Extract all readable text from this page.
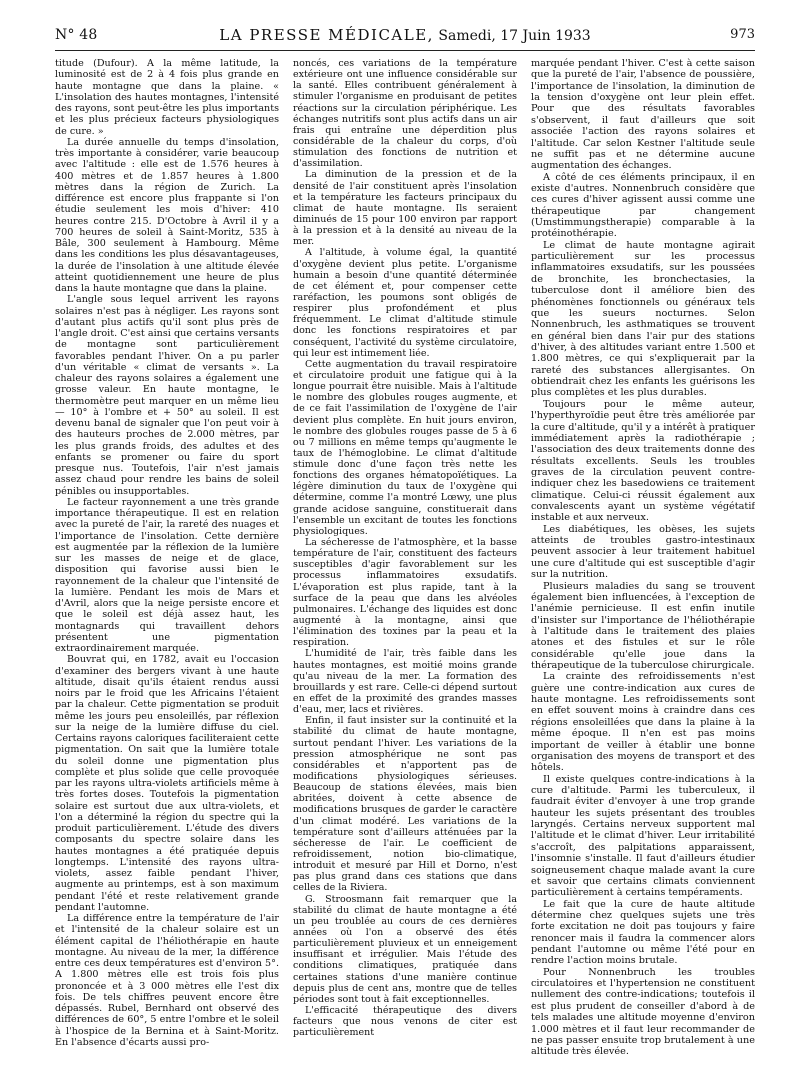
N° 48	LA PRESSE MÉDICALE, Samedi, 17 Juin 1933	973

titude (Dufour). A la même latitude, la luminosité est de 2 à 4 fois plus grande en haute montagne que dans la plaine. « L'insolation des hautes montagnes, l'intensité des rayons, sont peut-être les plus importants et les plus précieux facteurs physiologiques de cure. »

La durée annuelle du temps d'insolation, très importante à considérer, varie beaucoup avec l'altitude : elle est de 1.576 heures à 400 mètres et de 1.857 heures à 1.800 mètres dans la région de Zurich. La différence est encore plus frappante si l'on étudie seulement les mois d'hiver: 410 heures contre 215. D'Octobre à Avril il y a 700 heures de soleil à Saint-Moritz, 535 à Bâle, 300 seulement à Hambourg. Même dans les conditions les plus désavantageuses, la durée de l'insolation à une altitude élevée atteint quotidiennement une heure de plus dans la haute montagne que dans la plaine.

L'angle sous lequel arrivent les rayons solaires n'est pas à négliger. Les rayons sont d'autant plus actifs qu'il sont plus près de l'angle droit. C'est ainsi que certains versants de montagne sont particulièrement favorables pendant l'hiver. On a pu parler d'un véritable « climat de versants ». La chaleur des rayons solaires a également une grosse valeur. En haute montagne, le thermomètre peut marquer en un même lieu — 10° à l'ombre et + 50° au soleil. Il est devenu banal de signaler que l'on peut voir à des hauteurs proches de 2.000 mètres, par les plus grands froids, des adultes et des enfants se promener ou faire du sport presque nus. Toutefois, l'air n'est jamais assez chaud pour rendre les bains de soleil pénibles ou insupportables.

Le facteur rayonnement a une très grande importance thérapeutique. Il est en relation avec la pureté de l'air, la rareté des nuages et l'importance de l'insolation. Cette dernière est augmentée par la réflexion de la lumière sur les masses de neige et de glace, disposition qui favorise aussi bien le rayonnement de la chaleur que l'intensité de la lumière. Pendant les mois de Mars et d'Avril, alors que la neige persiste encore et que le soleil est déjà assez haut, les montagnards qui travaillent dehors présentent une pigmentation extraordinairement marquée.

Bouvrat qui, en 1782, avait eu l'occasion d'examiner des bergers vivant à une haute altitude, disait qu'ils étaient rendus aussi noirs par le froid que les Africains l'étaient par la chaleur. Cette pigmentation se produit même les jours peu ensoleillés, par réflexion sur la neige de la lumière diffuse du ciel. Certains rayons caloriques faciliteraient cette pigmentation. On sait que la lumière totale du soleil donne une pigmentation plus complète et plus solide que celle provoquée par les rayons ultra-violets artificiels même à très fortes doses. Toutefois la pigmentation solaire est surtout due aux ultra-violets, et l'on a déterminé la région du spectre qui la produit particulièrement. L'étude des divers composants du spectre solaire dans les hautes montagnes a été pratiquée depuis longtemps. L'intensité des rayons ultra-violets, assez faible pendant l'hiver, augmente au printemps, est à son maximum pendant l'été et reste relativement grande pendant l'automne.

La différence entre la température de l'air et l'intensité de la chaleur solaire est un élément capital de l'héliothérapie en haute montagne. Au niveau de la mer, la différence entre ces deux températures est d'environ 5°. A 1.800 mètres elle est trois fois plus prononcée et à 3 000 mètres elle l'est dix fois. De tels chiffres peuvent encore être dépassés. Rubel, Bernhard ont observé des différences de 60°, 5 entre l'ombre et le soleil à l'hospice de la Bernina et à Saint-Moritz. En l'absence d'écarts aussi pro-

noncés, ces variations de la température extérieure ont une influence considérable sur la santé. Elles contribuent généralement à stimuler l'organisme en produisant de petites réactions sur la circulation périphérique. Les échanges nutritifs sont plus actifs dans un air frais qui entraîne une déperdition plus considérable de la chaleur du corps, d'où stimulation des fonctions de nutrition et d'assimilation.

La diminution de la pression et de la densité de l'air constituent après l'insolation et la température les facteurs principaux du climat de haute montagne. Ils seraient diminués de 15 pour 100 environ par rapport à la pression et à la densité au niveau de la mer.

A l'altitude, à volume égal, la quantité d'oxygène devient plus petite. L'organisme humain a besoin d'une quantité déterminée de cet élément et, pour compenser cette raréfaction, les poumons sont obligés de respirer plus profondément et plus fréquemment. Le climat d'altitude stimule donc les fonctions respiratoires et par conséquent, l'activité du système circulatoire, qui leur est intimement liée.

Cette augmentation du travail respiratoire et circulatoire produit une fatigue qui à la longue pourrait être nuisible. Mais à l'altitude le nombre des globules rouges augmente, et de ce fait l'assimilation de l'oxygène de l'air devient plus complète. En huit jours environ, le nombre des globules rouges passe de 5 à 6 ou 7 millions en même temps qu'augmente le taux de l'hémoglobine. Le climat d'altitude stimule donc d'une façon très nette les fonctions des organes hématopoïétiques. La légère diminution du taux de l'oxygène qui détermine, comme l'a montré Lœwy, une plus grande acidose sanguine, constituerait dans l'ensemble un excitant de toutes les fonctions physiologiques.

La sécheresse de l'atmosphère, et la basse température de l'air, constituent des facteurs susceptibles d'agir favorablement sur les processus inflammatoires exsudatifs. L'évaporation est plus rapide, tant à la surface de la peau que dans les alvéoles pulmonaires. L'échange des liquides est donc augmenté à la montagne, ainsi que l'élimination des toxines par la peau et la respiration.

L'humidité de l'air, très faible dans les hautes montagnes, est moitié moins grande qu'au niveau de la mer. La formation des brouillards y est rare. Celle-ci dépend surtout en effet de la proximité des grandes masses d'eau, mer, lacs et rivières.

Enfin, il faut insister sur la continuité et la stabilité du climat de haute montagne, surtout pendant l'hiver. Les variations de la pression atmosphérique ne sont pas considérables et n'apportent pas de modifications physiologiques sérieuses. Beaucoup de stations élevées, mais bien abritées, doivent à cette absence de modifications brusques de garder le caractère d'un climat modéré. Les variations de la température sont d'ailleurs atténuées par la sécheresse de l'air. Le coefficient de refroidissement, notion bio-climatique, introduit et mesuré par Hill et Dorno, n'est pas plus grand dans ces stations que dans celles de la Riviera.

G. Stroosmann fait remarquer que la stabilité du climat de haute montagne a été un peu troublée au cours de ces dernières années où l'on a observé des étés particulièrement pluvieux et un enneigement insuffisant et irrégulier. Mais l'étude des conditions climatiques, pratiquée dans certaines stations d'une manière continue depuis plus de cent ans, montre que de telles périodes sont tout à fait exceptionnelles.

L'efficacité thérapeutique des divers facteurs que nous venons de citer est particulièrement

marquée pendant l'hiver. C'est à cette saison que la pureté de l'air, l'absence de poussière, l'importance de l'insolation, la diminution de la tension d'oxygène ont leur plein effet. Pour que des résultats favorables s'observent, il faut d'ailleurs que soit associée l'action des rayons solaires et l'altitude. Car selon Kestner l'altitude seule ne suffit pas et ne détermine aucune augmentation des échanges.

A côté de ces éléments principaux, il en existe d'autres. Nonnenbruch considère que ces cures d'hiver agissent aussi comme une thérapeutique par changement (Umstimmungstherapie) comparable à la protéinothérapie.

Le climat de haute montagne agirait particulièrement sur les processus inflammatoires exsudatifs, sur les poussées de bronchite, les bronchectasies, la tuberculose dont il améliore bien des phénomènes fonctionnels ou généraux tels que les sueurs nocturnes. Selon Nonnenbruch, les asthmatiques se trouvent en général bien dans l'air pur des stations d'hiver, à des altitudes variant entre 1.500 et 1.800 mètres, ce qui s'expliquerait par la rareté des substances allergisantes. On obtiendrait chez les enfants les guérisons les plus complètes et les plus durables.

Toujours pour le même auteur, l'hyperthyroïdie peut être très améliorée par la cure d'altitude, qu'il y a intérêt à pratiquer immédiatement après la radiothérapie ; l'association des deux traitements donne des résultats excellents. Seuls les troubles graves de la circulation peuvent contre-indiquer chez les basedowiens ce traitement climatique. Celui-ci réussit également aux convalescents ayant un système végétatif instable et aux nerveux.

Les diabétiques, les obèses, les sujets atteints de troubles gastro-intestinaux peuvent associer à leur traitement habituel une cure d'altitude qui est susceptible d'agir sur la nutrition.

Plusieurs maladies du sang se trouvent également bien influencées, à l'exception de l'anémie pernicieuse. Il est enfin inutile d'insister sur l'importance de l'héliothérapie à l'altitude dans le traitement des plaies atones et des fistules et sur le rôle considérable qu'elle joue dans la thérapeutique de la tuberculose chirurgicale.

La crainte des refroidissements n'est guère une contre-indication aux cures de haute montagne. Les refroidissements sont en effet souvent moins à craindre dans ces régions ensoleillées que dans la plaine à la même époque. Il n'en est pas moins important de veiller à établir une bonne organisation des moyens de transport et des hôtels.

Il existe quelques contre-indications à la cure d'altitude. Parmi les tuberculeux, il faudrait éviter d'envoyer à une trop grande hauteur les sujets présentant des troubles laryngés. Certains nerveux supportent mal l'altitude et le climat d'hiver. Leur irritabilité s'accroît, des palpitations apparaissent, l'insomnie s'installe. Il faut d'ailleurs étudier soigneusement chaque malade avant la cure et savoir que certains climats conviennent particulièrement à certains tempéraments.

Le fait que la cure de haute altitude détermine chez quelques sujets une très forte excitation ne doit pas toujours y faire renoncer mais il faudra la commencer alors pendant l'automne ou même l'été pour en rendre l'action moins brutale.

Pour Nonnenbruch les troubles circulatoires et l'hypertension ne constituent nullement des contre-indications; toutefois il est plus prudent de conseiller d'abord à de tels malades une altitude moyenne d'environ 1.000 mètres et il faut leur recommander de ne pas passer ensuite trop brutalement à une altitude très élevée.
